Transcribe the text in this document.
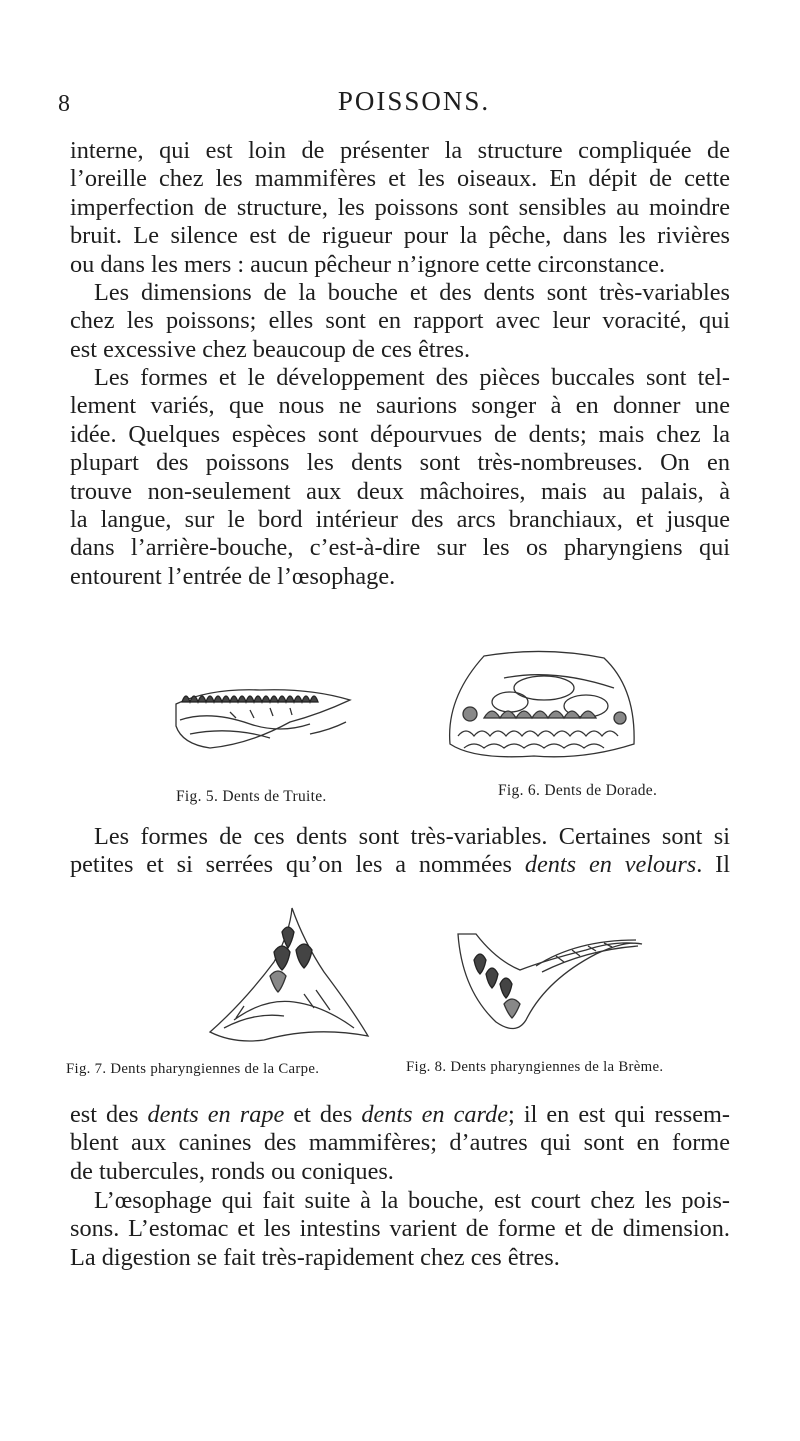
8	POISSONS.

interne, qui est loin de présenter la structure compliquée de
l’oreille chez les mammifères et les oiseaux. En dépit de cette
imperfection de structure, les poissons sont sensibles au moindre
bruit. Le silence est de rigueur pour la pêche, dans les rivières
ou dans les mers : aucun pêcheur n’ignore cette circonstance.

Les dimensions de la bouche et des dents sont très-variables
chez les poissons; elles sont en rapport avec leur voracité, qui
est excessive chez beaucoup de ces êtres.

Les formes et le développement des pièces buccales sont tel-
lement variés, que nous ne saurions songer à en donner une
idée. Quelques espèces sont dépourvues de dents; mais chez la
plupart des poissons les dents sont très-nombreuses. On en
trouve non-seulement aux deux mâchoires, mais au palais, à
la langue, sur le bord intérieur des arcs branchiaux, et jusque
dans l’arrière-bouche, c’est-à-dire sur les os pharyngiens qui
entourent l’entrée de l’œsophage.

Fig. 5. Dents de Truite.	Fig. 6. Dents de Dorade.

Les formes de ces dents sont très-variables. Certaines sont si
petites et si serrées qu’on les a nommées dents en velours. Il

Fig. 7. Dents pharyngiennes de la Carpe.	Fig. 8. Dents pharyngiennes de la Brème.

est des dents en rape et des dents en carde; il en est qui ressem-
blent aux canines des mammifères; d’autres qui sont en forme
de tubercules, ronds ou coniques.

L’œsophage qui fait suite à la bouche, est court chez les pois-
sons. L’estomac et les intestins varient de forme et de dimension.
La digestion se fait très-rapidement chez ces êtres.
